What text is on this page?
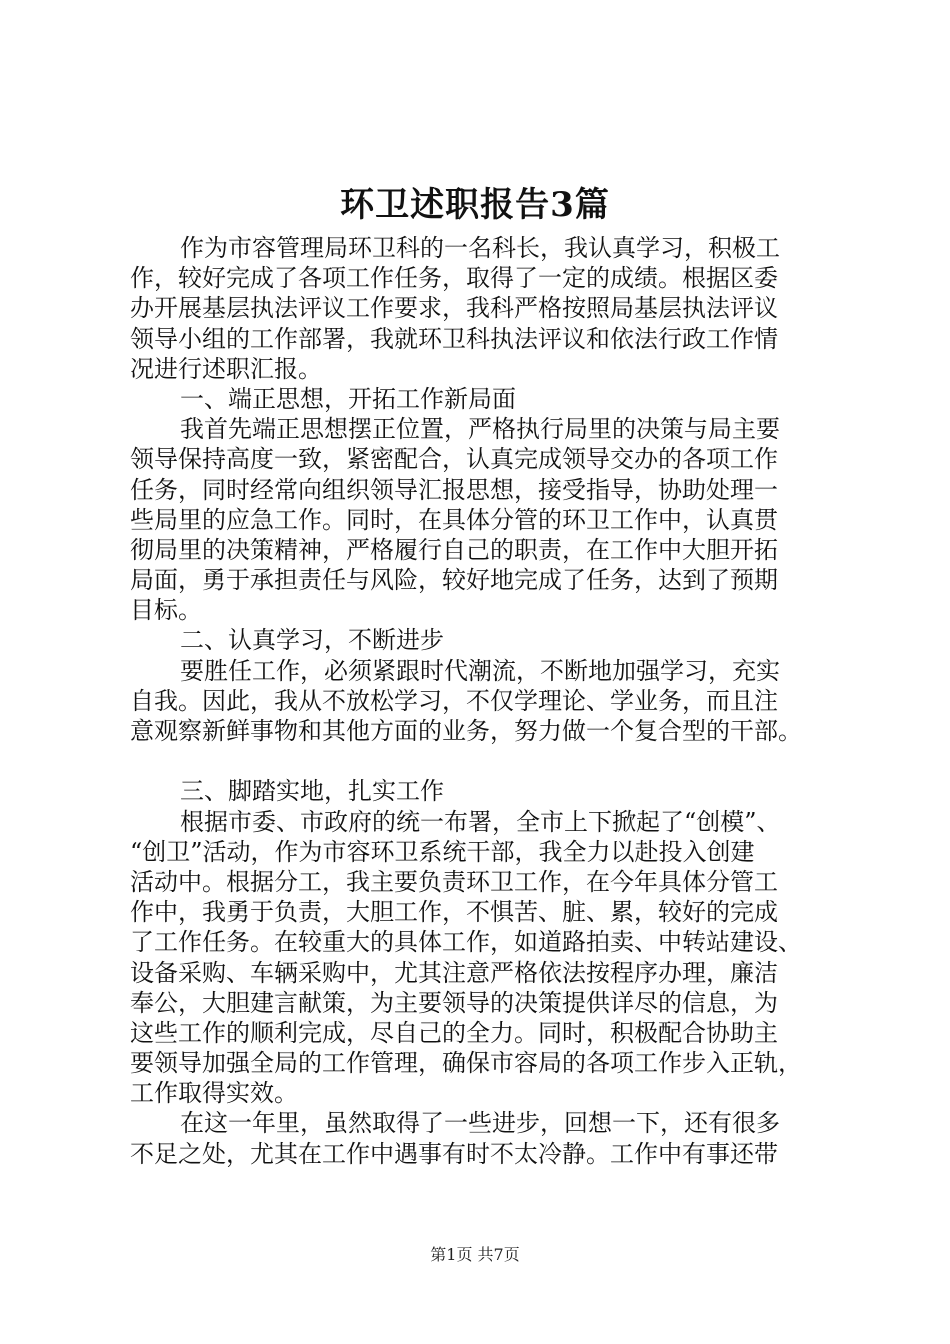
环卫述职报告3篇
作为市容管理局环卫科的一名科长，我认真学习，积极工
作，较好完成了各项工作任务，取得了一定的成绩。根据区委
办开展基层执法评议工作要求，我科严格按照局基层执法评议
领导小组的工作部署，我就环卫科执法评议和依法行政工作情
况进行述职汇报。
一、端正思想，开拓工作新局面
我首先端正思想摆正位置，严格执行局里的决策与局主要
领导保持高度一致，紧密配合，认真完成领导交办的各项工作
任务，同时经常向组织领导汇报思想，接受指导，协助处理一
些局里的应急工作。同时，在具体分管的环卫工作中，认真贯
彻局里的决策精神，严格履行自己的职责，在工作中大胆开拓
局面，勇于承担责任与风险，较好地完成了任务，达到了预期
目标。
二、认真学习，不断进步
要胜任工作，必须紧跟时代潮流，不断地加强学习，充实
自我。因此，我从不放松学习，不仅学理论、学业务，而且注
意观察新鲜事物和其他方面的业务，努力做一个复合型的干部。
三、脚踏实地，扎实工作
根据市委、市政府的统一布署，全市上下掀起了“创模”、
“创卫”活动，作为市容环卫系统干部，我全力以赴投入创建
活动中。根据分工，我主要负责环卫工作，在今年具体分管工
作中，我勇于负责，大胆工作，不惧苦、脏、累，较好的完成
了工作任务。在较重大的具体工作，如道路拍卖、中转站建设、
设备采购、车辆采购中，尤其注意严格依法按程序办理，廉洁
奉公，大胆建言献策，为主要领导的决策提供详尽的信息，为
这些工作的顺利完成，尽自己的全力。同时，积极配合协助主
要领导加强全局的工作管理，确保市容局的各项工作步入正轨，
工作取得实效。
在这一年里，虽然取得了一些进步，回想一下，还有很多
不足之处，尤其在工作中遇事有时不太冷静。工作中有事还带
第1页 共7页
